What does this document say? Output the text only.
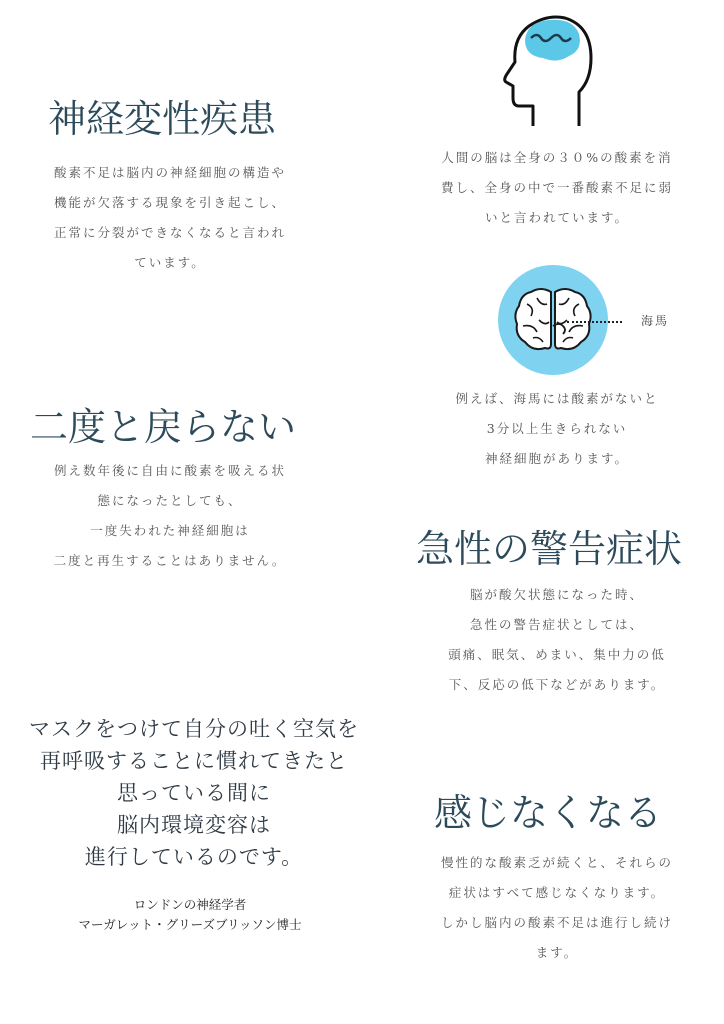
神経変性疾患
酸素不足は脳内の神経細胞の構造や
機能が欠落する現象を引き起こし、
正常に分裂ができなくなると言われ
ています。
二度と戻らない
例え数年後に自由に酸素を吸える状
態になったとしても、
一度失われた神経細胞は
二度と再生することはありません。
マスクをつけて自分の吐く空気を
再呼吸することに慣れてきたと
思っている間に
脳内環境変容は
進行しているのです。
ロンドンの神経学者
マーガレット・グリーズブリッソン博士
人間の脳は全身の３０%の酸素を消
費し、全身の中で一番酸素不足に弱
いと言われています。
海馬
例えば、海馬には酸素がないと
3分以上生きられない
神経細胞があります。
急性の警告症状
脳が酸欠状態になった時、
急性の警告症状としては、
頭痛、眠気、めまい、集中力の低
下、反応の低下などがあります。
感じなくなる
慢性的な酸素乏が続くと、それらの
症状はすべて感じなくなります。
しかし脳内の酸素不足は進行し続け
ます。
